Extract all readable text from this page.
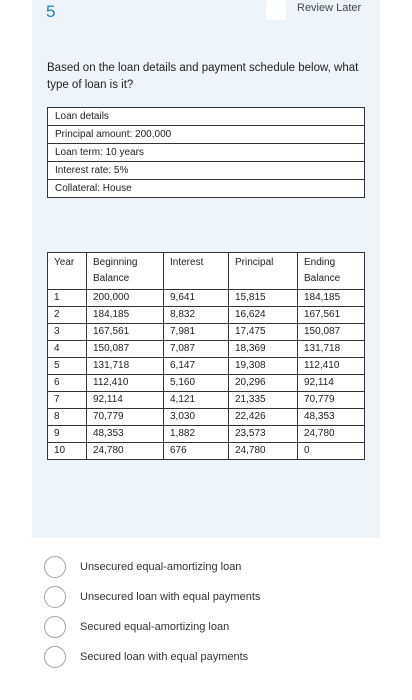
5	Review Later
Based on the loan details and payment schedule below, what type of loan is it?
Loan details
Principal amount: 200,000
Loan term: 10 years
Interest rate: 5%
Collateral: House
Year	Beginning Balance	Interest	Principal	Ending Balance
1	200,000	9,641	15,815	184,185
2	184,185	8,832	16,624	167,561
3	167,561	7,981	17,475	150,087
4	150,087	7,087	18,369	131,718
5	131,718	6,147	19,308	112,410
6	112,410	5,160	20,296	92,114
7	92,114	4,121	21,335	70,779
8	70,779	3,030	22,426	48,353
9	48,353	1,882	23,573	24,780
10	24,780	676	24,780	0
Unsecured equal-amortizing loan
Unsecured loan with equal payments
Secured equal-amortizing loan
Secured loan with equal payments
